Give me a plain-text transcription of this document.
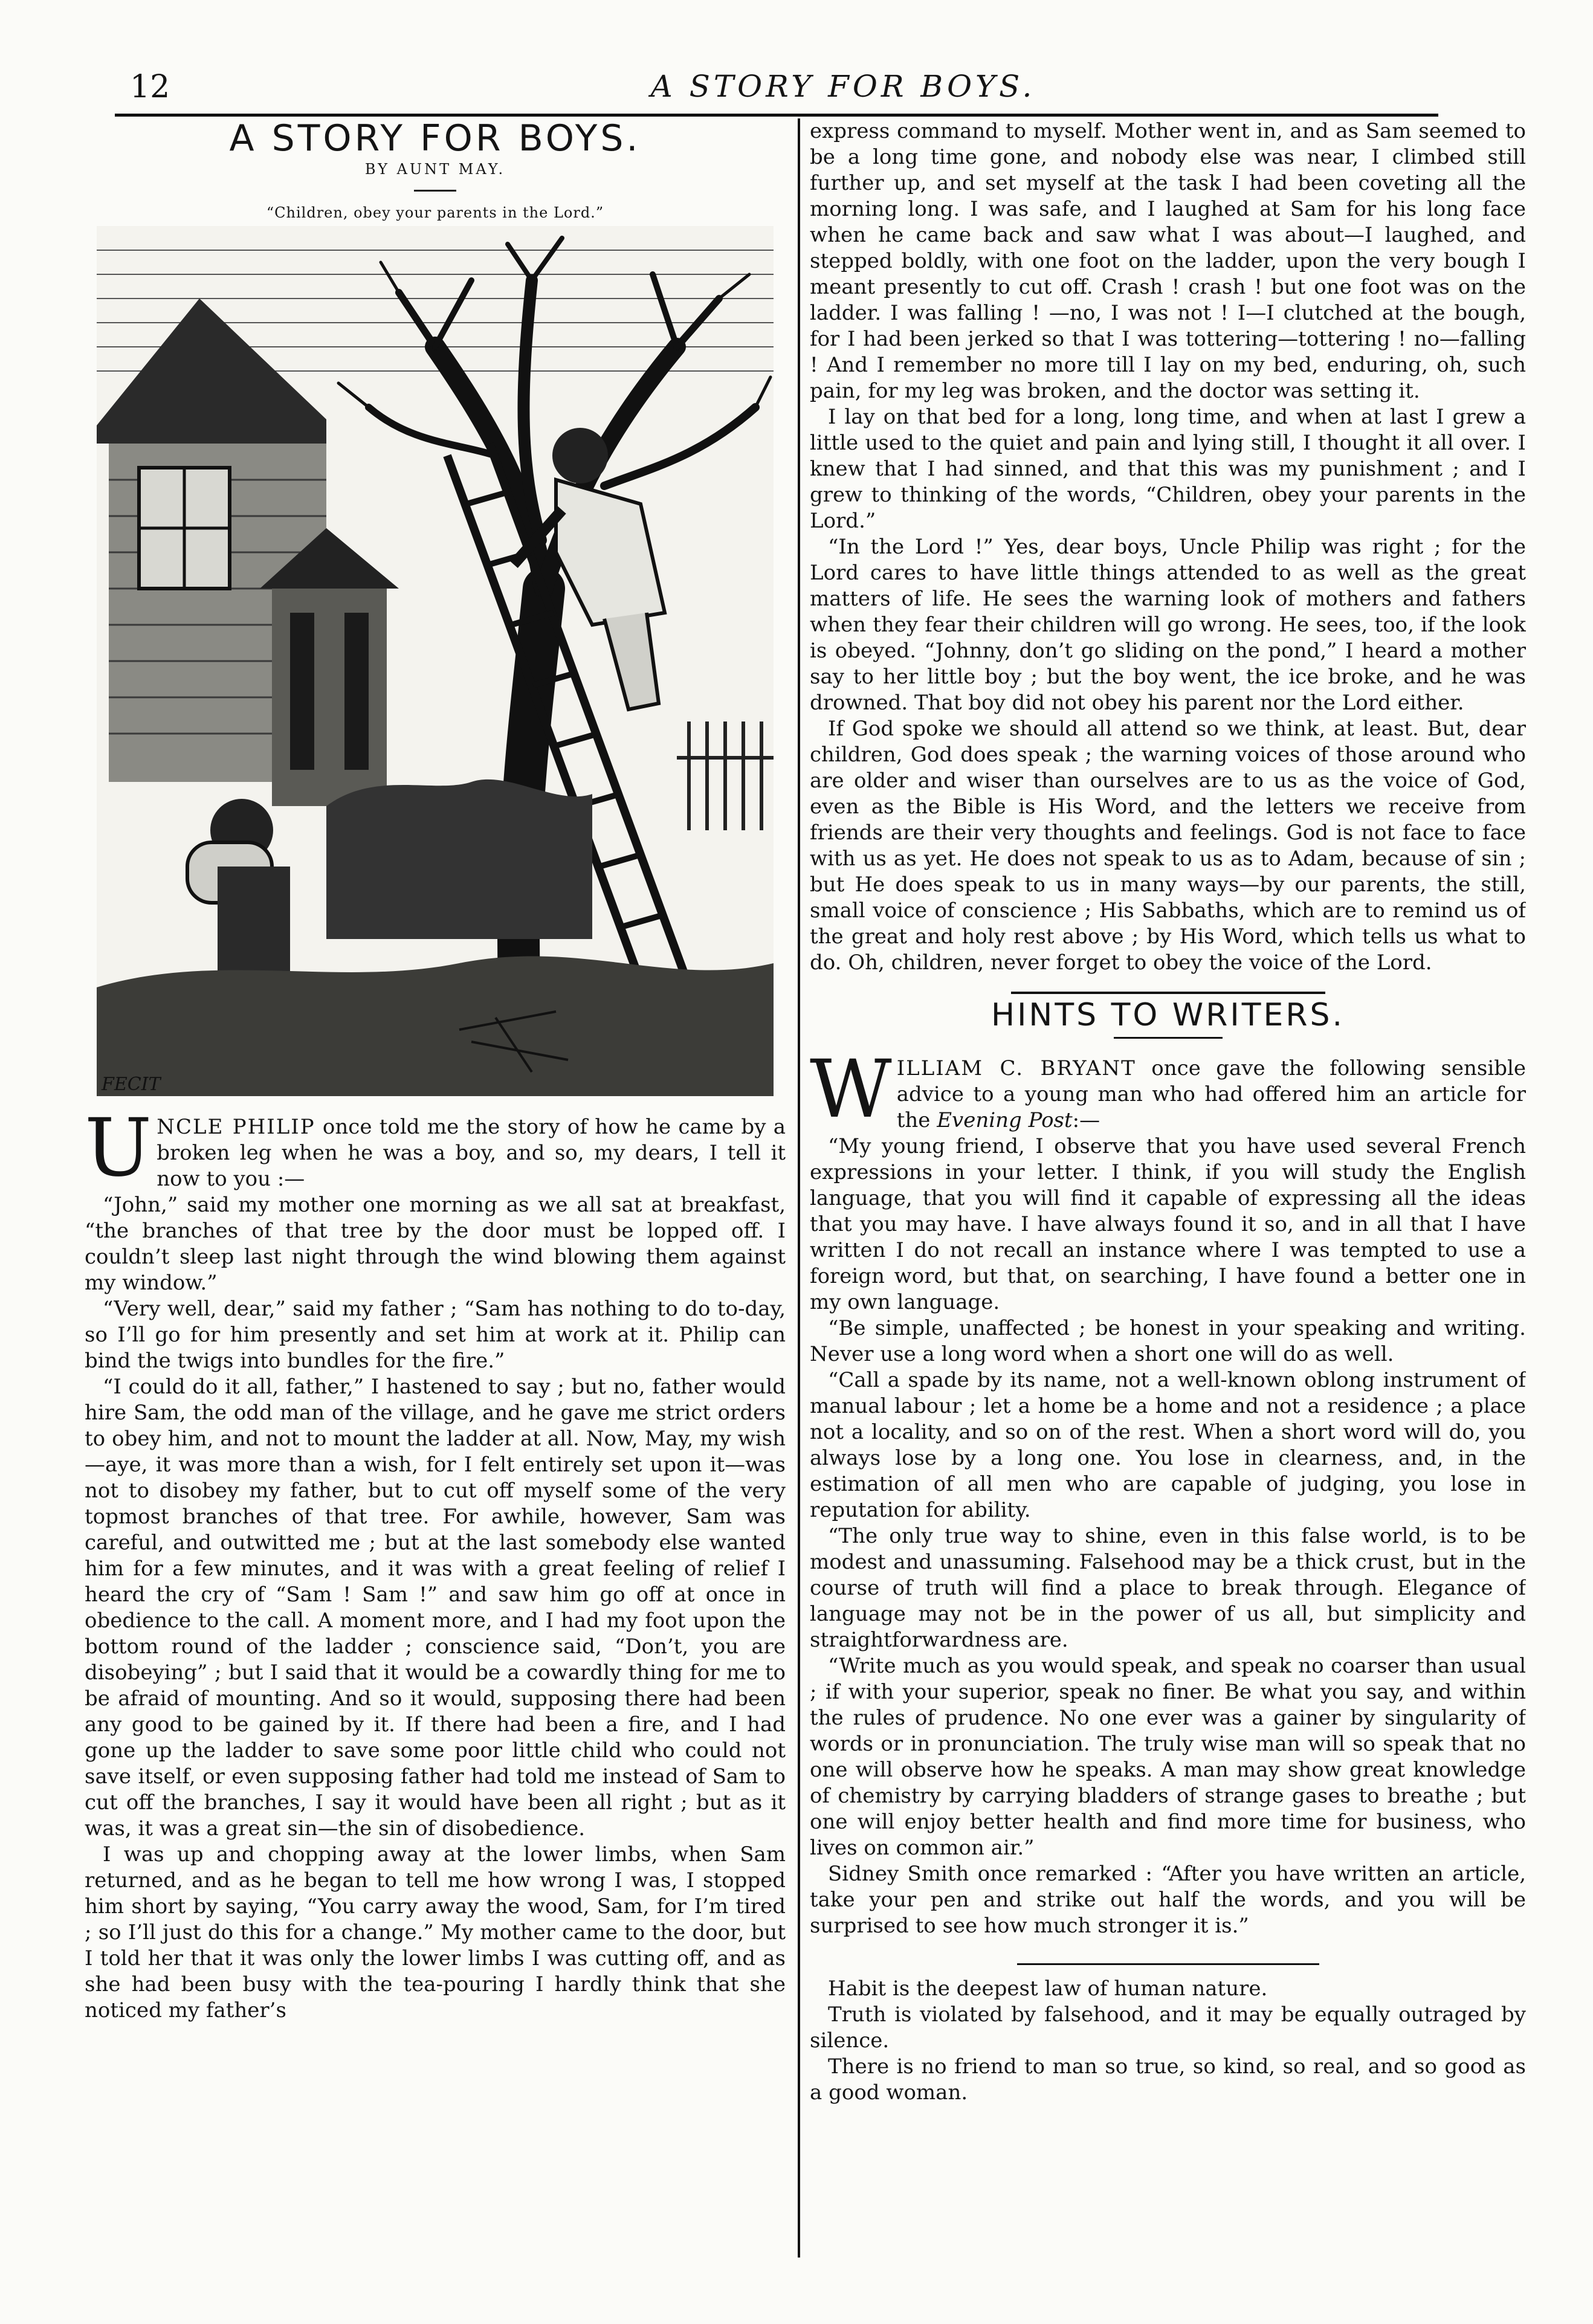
12	A STORY FOR BOYS.
A STORY FOR BOYS.

BY AUNT MAY.

“Children, obey your parents in the Lord.”

FECIT

UNCLE PHILIP once told me the story of how he came by a broken leg when he was a boy, and so, my dears, I tell it now to you :—

“John,” said my mother one morning as we all sat at breakfast, “the branches of that tree by the door must be lopped off. I couldn’t sleep last night through the wind blowing them against my window.”

“Very well, dear,” said my father ; “Sam has nothing to do to-day, so I’ll go for him presently and set him at work at it. Philip can bind the twigs into bundles for the fire.”

“I could do it all, father,” I hastened to say ; but no, father would hire Sam, the odd man of the village, and he gave me strict orders to obey him, and not to mount the ladder at all. Now, May, my wish—aye, it was more than a wish, for I felt entirely set upon it—was not to disobey my father, but to cut off myself some of the very topmost branches of that tree. For awhile, however, Sam was careful, and outwitted me ; but at the last somebody else wanted him for a few minutes, and it was with a great feeling of relief I heard the cry of “Sam ! Sam !” and saw him go off at once in obedience to the call. A moment more, and I had my foot upon the bottom round of the ladder ; conscience said, “Don’t, you are disobeying” ; but I said that it would be a cowardly thing for me to be afraid of mounting. And so it would, supposing there had been any good to be gained by it. If there had been a fire, and I had gone up the ladder to save some poor little child who could not save itself, or even supposing father had told me instead of Sam to cut off the branches, I say it would have been all right ; but as it was, it was a great sin—the sin of disobedience.

I was up and chopping away at the lower limbs, when Sam returned, and as he began to tell me how wrong I was, I stopped him short by saying, “You carry away the wood, Sam, for I’m tired ; so I’ll just do this for a change.” My mother came to the door, but I told her that it was only the lower limbs I was cutting off, and as she had been busy with the tea-pouring I hardly think that she noticed my father’s

express command to myself. Mother went in, and as Sam seemed to be a long time gone, and nobody else was near, I climbed still further up, and set myself at the task I had been coveting all the morning long. I was safe, and I laughed at Sam for his long face when he came back and saw what I was about—I laughed, and stepped boldly, with one foot on the ladder, upon the very bough I meant presently to cut off. Crash ! crash ! but one foot was on the ladder. I was falling ! —no, I was not ! I—I clutched at the bough, for I had been jerked so that I was tottering—tottering ! no—falling ! And I remember no more till I lay on my bed, enduring, oh, such pain, for my leg was broken, and the doctor was setting it.

I lay on that bed for a long, long time, and when at last I grew a little used to the quiet and pain and lying still, I thought it all over. I knew that I had sinned, and that this was my punishment ; and I grew to thinking of the words, “Children, obey your parents in the Lord.”

“In the Lord !” Yes, dear boys, Uncle Philip was right ; for the Lord cares to have little things attended to as well as the great matters of life. He sees the warning look of mothers and fathers when they fear their children will go wrong. He sees, too, if the look is obeyed. “Johnny, don’t go sliding on the pond,” I heard a mother say to her little boy ; but the boy went, the ice broke, and he was drowned. That boy did not obey his parent nor the Lord either.

If God spoke we should all attend so we think, at least. But, dear children, God does speak ; the warning voices of those around who are older and wiser than ourselves are to us as the voice of God, even as the Bible is His Word, and the letters we receive from friends are their very thoughts and feelings. God is not face to face with us as yet. He does not speak to us as to Adam, because of sin ; but He does speak to us in many ways—by our parents, the still, small voice of conscience ; His Sabbaths, which are to remind us of the great and holy rest above ; by His Word, which tells us what to do. Oh, children, never forget to obey the voice of the Lord.

HINTS TO WRITERS.

WILLIAM C. BRYANT once gave the following sensible advice to a young man who had offered him an article for the Evening Post:—

“My young friend, I observe that you have used several French expressions in your letter. I think, if you will study the English language, that you will find it capable of expressing all the ideas that you may have. I have always found it so, and in all that I have written I do not recall an instance where I was tempted to use a foreign word, but that, on searching, I have found a better one in my own language.

“Be simple, unaffected ; be honest in your speaking and writing. Never use a long word when a short one will do as well.

“Call a spade by its name, not a well-known oblong instrument of manual labour ; let a home be a home and not a residence ; a place not a locality, and so on of the rest. When a short word will do, you always lose by a long one. You lose in clearness, and, in the estimation of all men who are capable of judging, you lose in reputation for ability.

“The only true way to shine, even in this false world, is to be modest and unassuming. Falsehood may be a thick crust, but in the course of truth will find a place to break through. Elegance of language may not be in the power of us all, but simplicity and straightforwardness are.

“Write much as you would speak, and speak no coarser than usual ; if with your superior, speak no finer. Be what you say, and within the rules of prudence. No one ever was a gainer by singularity of words or in pronunciation. The truly wise man will so speak that no one will observe how he speaks. A man may show great knowledge of chemistry by carrying bladders of strange gases to breathe ; but one will enjoy better health and find more time for business, who lives on common air.”

Sidney Smith once remarked : “After you have written an article, take your pen and strike out half the words, and you will be surprised to see how much stronger it is.”

Habit is the deepest law of human nature.

Truth is violated by falsehood, and it may be equally outraged by silence.

There is no friend to man so true, so kind, so real, and so good as a good woman.
